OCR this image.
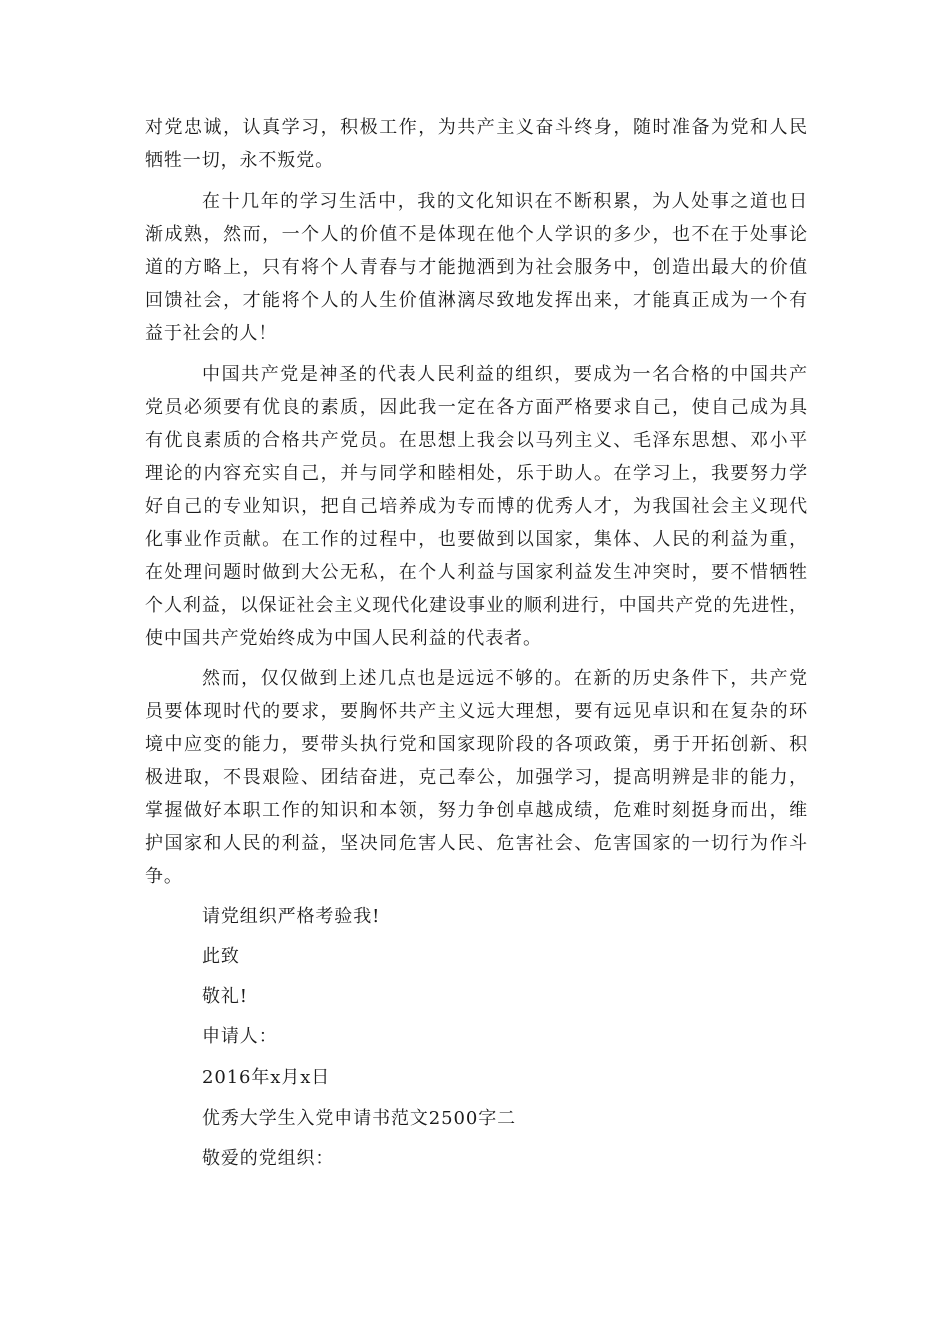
对党忠诚，认真学习，积极工作，为共产主义奋斗终身，随时准备为党和人民
牺牲一切，永不叛党。
在十几年的学习生活中，我的文化知识在不断积累，为人处事之道也日
渐成熟，然而，一个人的价值不是体现在他个人学识的多少，也不在于处事论
道的方略上，只有将个人青春与才能抛洒到为社会服务中，创造出最大的价值
回馈社会，才能将个人的人生价值淋漓尽致地发挥出来，才能真正成为一个有
益于社会的人！
中国共产党是神圣的代表人民利益的组织，要成为一名合格的中国共产
党员必须要有优良的素质，因此我一定在各方面严格要求自己，使自己成为具
有优良素质的合格共产党员。在思想上我会以马列主义、毛泽东思想、邓小平
理论的内容充实自己，并与同学和睦相处，乐于助人。在学习上，我要努力学
好自己的专业知识，把自己培养成为专而博的优秀人才，为我国社会主义现代
化事业作贡献。在工作的过程中，也要做到以国家，集体、人民的利益为重，
在处理问题时做到大公无私，在个人利益与国家利益发生冲突时，要不惜牺牲
个人利益，以保证社会主义现代化建设事业的顺利进行，中国共产党的先进性，
使中国共产党始终成为中国人民利益的代表者。
然而，仅仅做到上述几点也是远远不够的。在新的历史条件下，共产党
员要体现时代的要求，要胸怀共产主义远大理想，要有远见卓识和在复杂的环
境中应变的能力，要带头执行党和国家现阶段的各项政策，勇于开拓创新、积
极进取，不畏艰险、团结奋进，克己奉公，加强学习，提高明辨是非的能力，
掌握做好本职工作的知识和本领，努力争创卓越成绩，危难时刻挺身而出，维
护国家和人民的利益，坚决同危害人民、危害社会、危害国家的一切行为作斗
争。
请党组织严格考验我!
此致
敬礼!
申请人：
2016年x月x日
优秀大学生入党申请书范文2500字二
敬爱的党组织：
